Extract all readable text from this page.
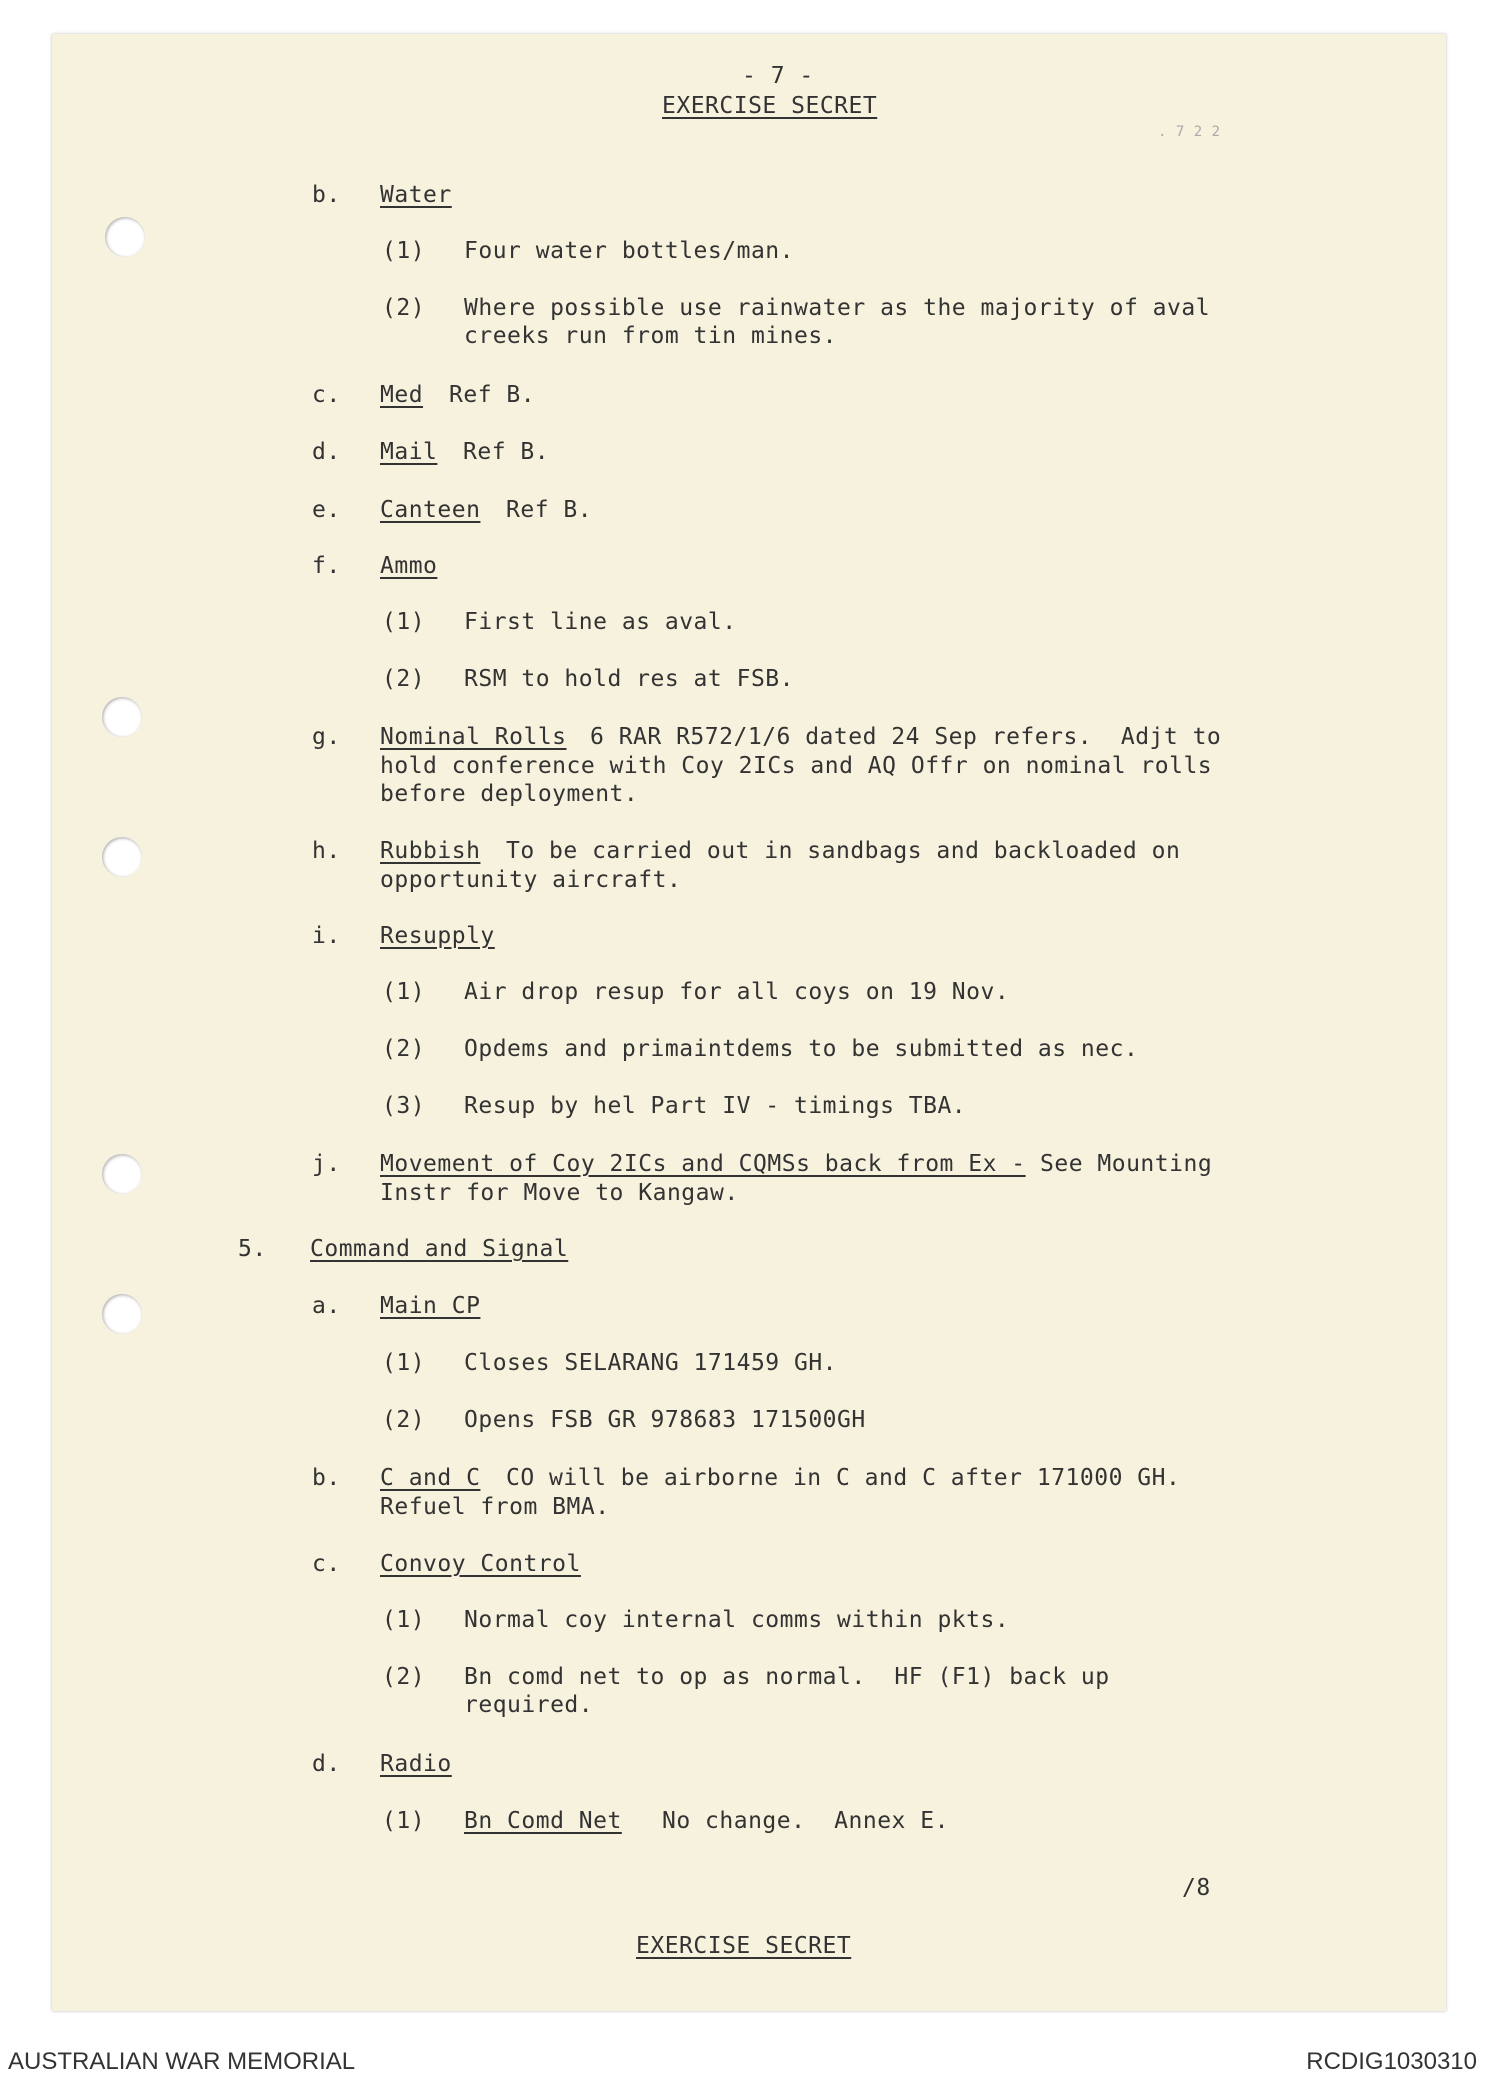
- 7 -
EXERCISE SECRET
. 7 2 2
b. Water
(1) Four water bottles/man.
(2) Where possible use rainwater as the majority of aval
creeks run from tin mines.
c. Med Ref B.
d. Mail Ref B.
e. Canteen Ref B.
f. Ammo
(1) First line as aval.
(2) RSM to hold res at FSB.
g. Nominal Rolls 6 RAR R572/1/6 dated 24 Sep refers.  Adjt to
hold conference with Coy 2ICs and AQ Offr on nominal rolls
before deployment.
h. Rubbish To be carried out in sandbags and backloaded on
opportunity aircraft.
i. Resupply
(1) Air drop resup for all coys on 19 Nov.
(2) Opdems and primaintdems to be submitted as nec.
(3) Resup by hel Part IV - timings TBA.
j. Movement of Coy 2ICs and CQMSs back from Ex - See Mounting
Instr for Move to Kangaw.
5. Command and Signal
a. Main CP
(1) Closes SELARANG 171459 GH.
(2) Opens FSB GR 978683 171500GH
b. C and C CO will be airborne in C and C after 171000 GH.
Refuel from BMA.
c. Convoy Control
(1) Normal coy internal comms within pkts.
(2) Bn comd net to op as normal.  HF (F1) back up
required.
d. Radio
(1) Bn Comd Net No change.  Annex E.
/8
EXERCISE SECRET
AUSTRALIAN WAR MEMORIAL	RCDIG1030310
